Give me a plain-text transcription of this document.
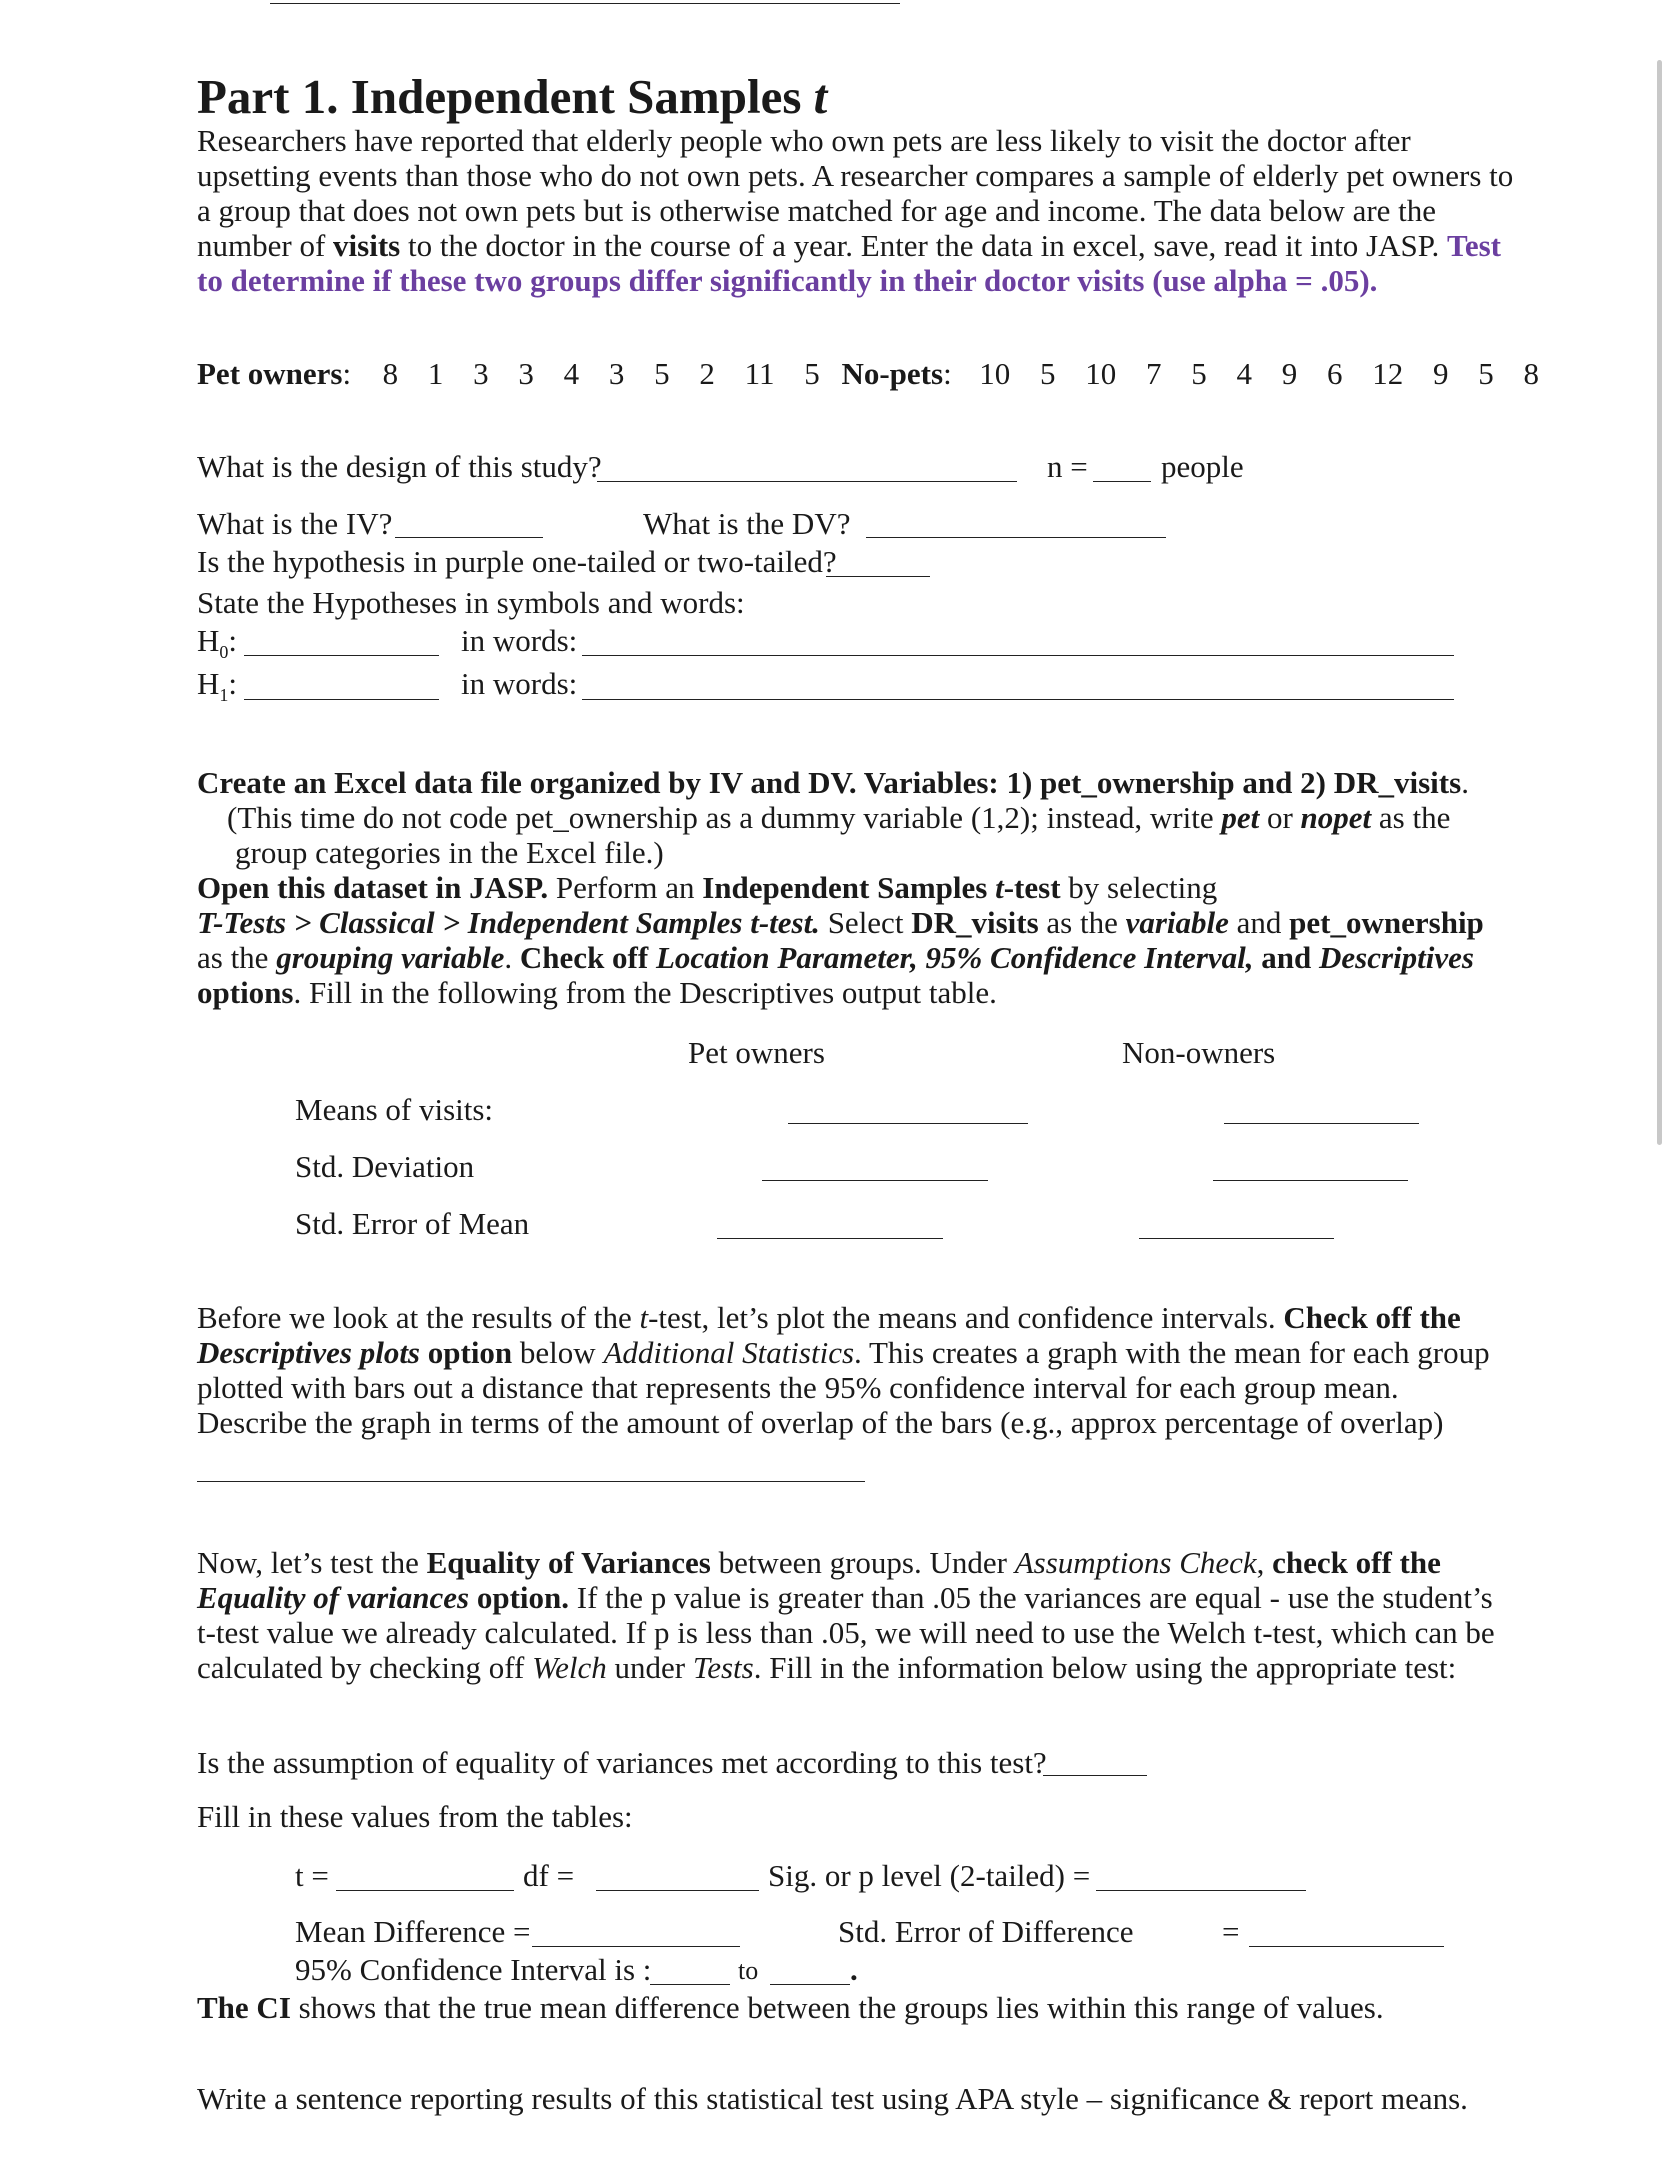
Part 1. Independent Samples t
Researchers have reported that elderly people who own pets are less likely to visit the doctor after
upsetting events than those who do not own pets. A researcher compares a sample of elderly pet owners to
a group that does not own pets but is otherwise matched for age and income. The data below are the
number of visits to the doctor in the course of a year. Enter the data in excel, save, read it into JASP. Test
to determine if these two groups differ significantly in their doctor visits (use alpha = .05).
Pet owners: 8 1 3 3 4 3 5 2 11 5 No-pets: 10 5 10 7 5 4 9 6 12 9 5 8
What is the design of this study?	n = people
What is the IV?	What is the DV?
Is the hypothesis in purple one-tailed or two-tailed?
State the Hypotheses in symbols and words:
$H_0$:	in words:
$H_1$:	in words:
Create an Excel data file organized by IV and DV. Variables: 1) pet_ownership and 2) DR_visits.
(This time do not code pet_ownership as a dummy variable (1,2); instead, write pet or nopet as the
group categories in the Excel file.)
Open this dataset in JASP. Perform an Independent Samples t-test by selecting
T-Tests > Classical > Independent Samples t-test. Select DR_visits as the variable and pet_ownership
as the grouping variable. Check off Location Parameter, 95% Confidence Interval, and Descriptives
options. Fill in the following from the Descriptives output table.
Pet owners	Non-owners
Means of visits:
Std. Deviation
Std. Error of Mean
Before we look at the results of the t-test, let’s plot the means and confidence intervals. Check off the
Descriptives plots option below Additional Statistics. This creates a graph with the mean for each group
plotted with bars out a distance that represents the 95% confidence interval for each group mean.
Describe the graph in terms of the amount of overlap of the bars (e.g., approx percentage of overlap)
Now, let’s test the Equality of Variances between groups. Under Assumptions Check, check off the
Equality of variances option. If the p value is greater than .05 the variances are equal - use the student’s
t-test value we already calculated. If p is less than .05, we will need to use the Welch t-test, which can be
calculated by checking off Welch under Tests. Fill in the information below using the appropriate test:
Is the assumption of equality of variances met according to this test?
Fill in these values from the tables:
t =	df =	Sig. or p level (2-tailed) =
Mean Difference =	Std. Error of Difference	=
95% Confidence Interval is :	to	.
The CI shows that the true mean difference between the groups lies within this range of values.
Write a sentence reporting results of this statistical test using APA style – significance & report means.
